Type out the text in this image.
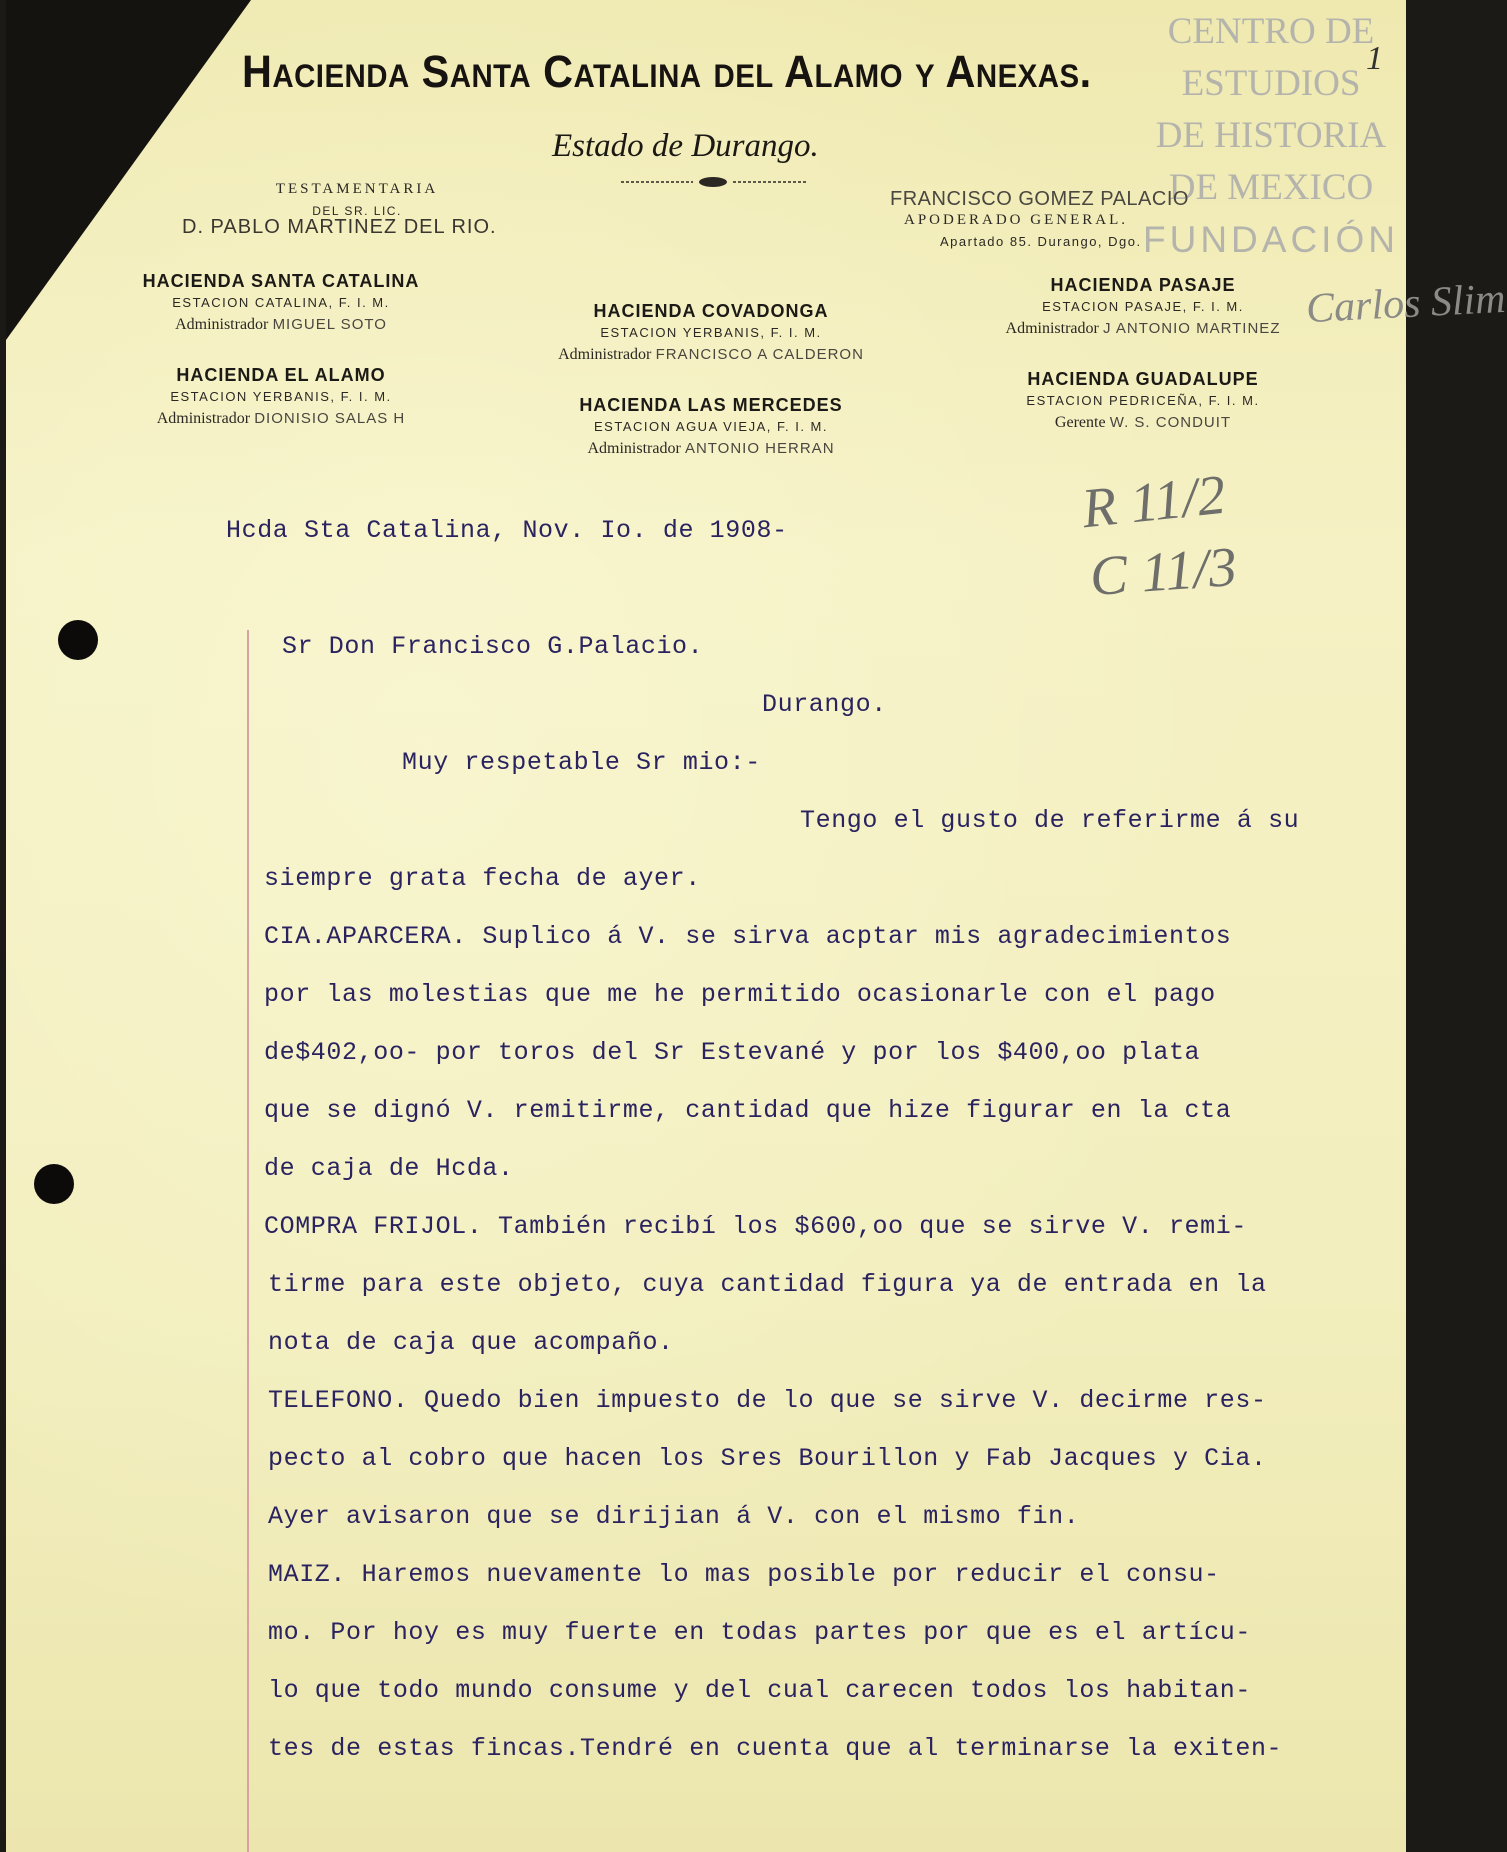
CENTRO DE
ESTUDIOS
DE HISTORIA
DE MEXICO
FUNDACIÓN
Carlos Slim
1
Hacienda Santa Catalina del Alamo y Anexas.
Estado de Durango.
TESTAMENTARIA
DEL SR. LIC.
D. PABLO MARTINEZ DEL RIO.
FRANCISCO GOMEZ PALACIO
APODERADO GENERAL.
Apartado 85. Durango, Dgo.
HACIENDA SANTA CATALINA
ESTACION CATALINA, F. I. M.
Administrador MIGUEL SOTO
HACIENDA COVADONGA
ESTACION YERBANIS, F. I. M.
Administrador FRANCISCO A CALDERON
HACIENDA PASAJE
ESTACION PASAJE, F. I. M.
Administrador J ANTONIO MARTINEZ
HACIENDA EL ALAMO
ESTACION YERBANIS, F. I. M.
Administrador DIONISIO SALAS H
HACIENDA LAS MERCEDES
ESTACION AGUA VIEJA, F. I. M.
Administrador ANTONIO HERRAN
HACIENDA GUADALUPE
ESTACION PEDRICEÑA, F. I. M.
Gerente W. S. CONDUIT
R 11/2
C 11/3
Hcda Sta Catalina, Nov. Io. de 1908-
Sr Don Francisco G.Palacio.
Durango.
Muy respetable Sr mio:-
Tengo el gusto de referirme á su
siempre grata fecha de ayer.
CIA.APARCERA. Suplico á V. se sirva acptar mis agradecimientos
por las molestias que me he permitido ocasionarle con el pago
de$402,oo- por toros del Sr Estevané y por los $400,oo plata
que se dignó V. remitirme, cantidad que hize figurar en la cta
de caja de Hcda.
COMPRA FRIJOL. También recibí los $600,oo que se sirve V. remi-
tirme para este objeto, cuya cantidad figura ya de entrada en la
nota de caja que acompaño.
TELEFONO. Quedo bien impuesto de lo que se sirve V. decirme res-
pecto al cobro que hacen los Sres Bourillon y Fab Jacques y Cia.
Ayer avisaron que se dirijian á V. con el mismo fin.
MAIZ. Haremos nuevamente lo mas posible por reducir el consu-
mo. Por hoy es muy fuerte en todas partes por que es el artícu-
lo que todo mundo consume y del cual carecen todos los habitan-
tes de estas fincas.Tendré en cuenta que al terminarse la exiten-
